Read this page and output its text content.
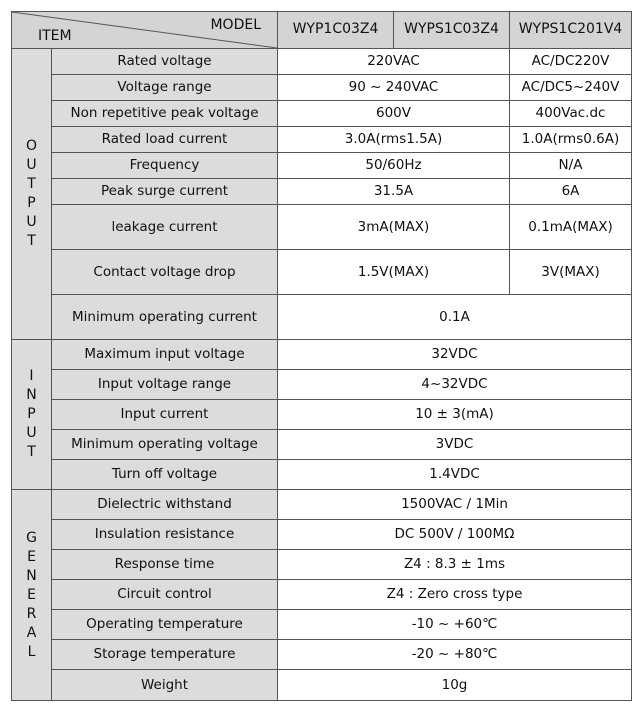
MODEL
ITEM		WYP1C03Z4	WYPS1C03Z4	WYPS1C201V4
OUTPUT	Rated voltage	220VAC		AC/DC220V
	Voltage range	90 ~ 240VAC		AC/DC5~240V
	Non repetitive peak voltage	600V		400Vac.dc
	Rated load current	3.0A(rms1.5A)		1.0A(rms0.6A)
	Frequency	50/60Hz		N/A
	Peak surge current	31.5A		6A
	leakage current	3mA(MAX)		0.1mA(MAX)
	Contact voltage drop	1.5V(MAX)		3V(MAX)
	Minimum operating current	0.1A		
INPUT	Maximum input voltage	32VDC		
	Input voltage range	4~32VDC		
	Input current	10 ± 3(mA)		
	Minimum operating voltage	3VDC		
	Turn off voltage	1.4VDC		
GENERAL	Dielectric withstand	1500VAC / 1Min		
	Insulation resistance	DC 500V / 100MΩ		
	Response time	Z4 : 8.3 ± 1ms		
	Circuit control	Z4 : Zero cross type		
	Operating temperature	-10 ~ +60℃		
	Storage temperature	-20 ~ +80℃		
	Weight	10g		
